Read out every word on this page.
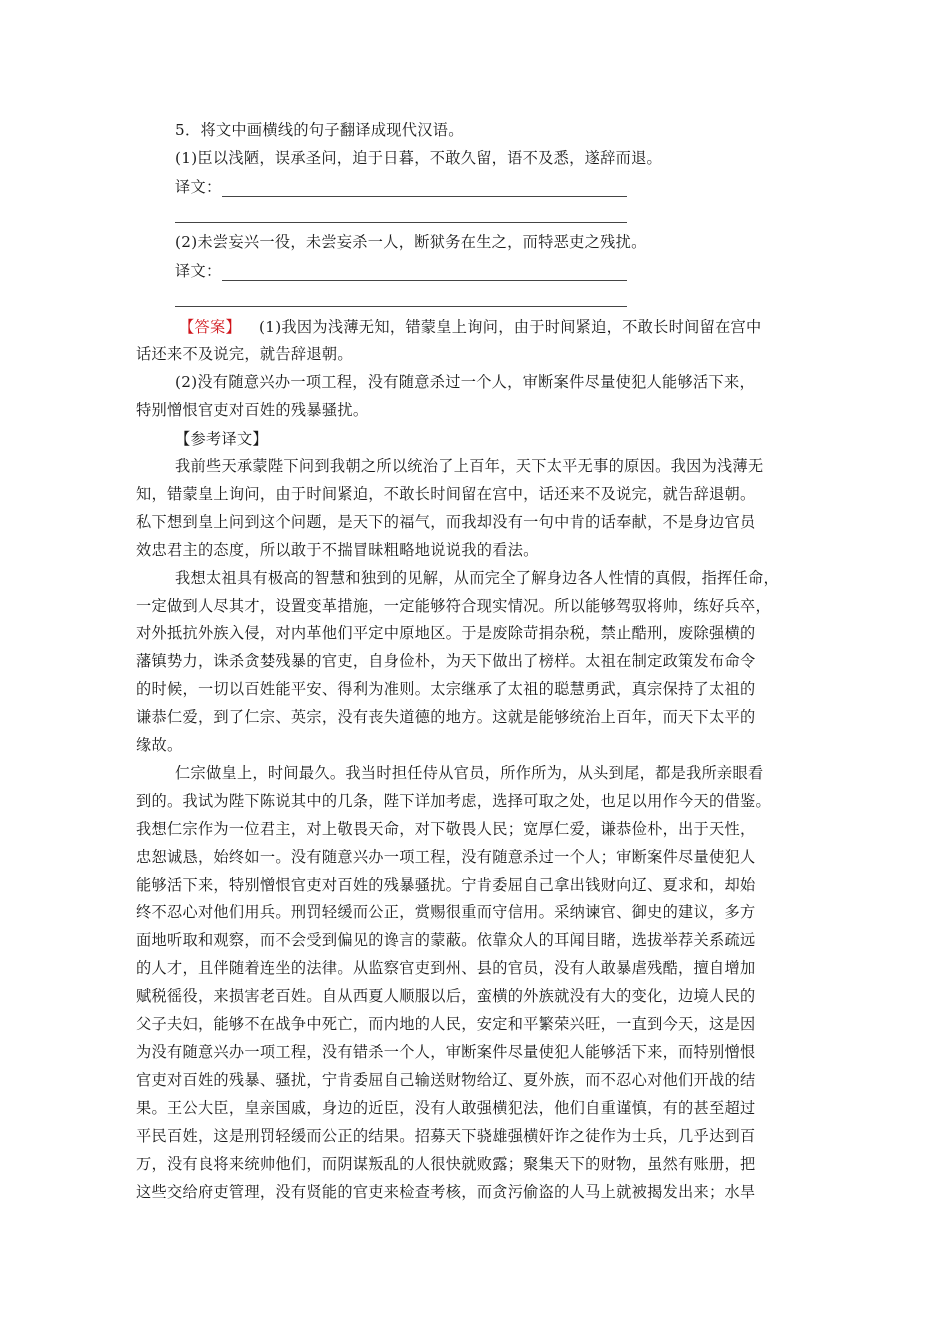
5．将文中画横线的句子翻译成现代汉语。
(1)臣以浅陋，误承圣问，迫于日暮，不敢久留，语不及悉，遂辞而退。
译文：
(2)未尝妄兴一役，未尝妄杀一人，断狱务在生之，而特恶吏之残扰。
译文：
【答案】	(1)我因为浅薄无知，错蒙皇上询问，由于时间紧迫，不敢长时间留在宫中
话还来不及说完，就告辞退朝。
(2)没有随意兴办一项工程，没有随意杀过一个人，审断案件尽量使犯人能够活下来，
特别憎恨官吏对百姓的残暴骚扰。
【参考译文】
我前些天承蒙陛下问到我朝之所以统治了上百年，天下太平无事的原因。我因为浅薄无
知，错蒙皇上询问，由于时间紧迫，不敢长时间留在宫中，话还来不及说完，就告辞退朝。
私下想到皇上问到这个问题，是天下的福气，而我却没有一句中肯的话奉献，不是身边官员
效忠君主的态度，所以敢于不揣冒昧粗略地说说我的看法。
我想太祖具有极高的智慧和独到的见解，从而完全了解身边各人性情的真假，指挥任命，
一定做到人尽其才，设置变革措施，一定能够符合现实情况。所以能够驾驭将帅，练好兵卒，
对外抵抗外族入侵，对内革他们平定中原地区。于是废除苛捐杂税，禁止酷刑，废除强横的
藩镇势力，诛杀贪婪残暴的官吏，自身俭朴，为天下做出了榜样。太祖在制定政策发布命令
的时候，一切以百姓能平安、得利为准则。太宗继承了太祖的聪慧勇武，真宗保持了太祖的
谦恭仁爱，到了仁宗、英宗，没有丧失道德的地方。这就是能够统治上百年，而天下太平的
缘故。
仁宗做皇上，时间最久。我当时担任侍从官员，所作所为，从头到尾，都是我所亲眼看
到的。我试为陛下陈说其中的几条，陛下详加考虑，选择可取之处，也足以用作今天的借鉴。
我想仁宗作为一位君主，对上敬畏天命，对下敬畏人民；宽厚仁爱，谦恭俭朴，出于天性，
忠恕诚恳，始终如一。没有随意兴办一项工程，没有随意杀过一个人；审断案件尽量使犯人
能够活下来，特别憎恨官吏对百姓的残暴骚扰。宁肯委屈自己拿出钱财向辽、夏求和，却始
终不忍心对他们用兵。刑罚轻缓而公正，赏赐很重而守信用。采纳谏官、御史的建议，多方
面地听取和观察，而不会受到偏见的谗言的蒙蔽。依靠众人的耳闻目睹，选拔举荐关系疏远
的人才，且伴随着连坐的法律。从监察官吏到州、县的官员，没有人敢暴虐残酷，擅自增加
赋税徭役，来损害老百姓。自从西夏人顺服以后，蛮横的外族就没有大的变化，边境人民的
父子夫妇，能够不在战争中死亡，而内地的人民，安定和平繁荣兴旺，一直到今天，这是因
为没有随意兴办一项工程，没有错杀一个人，审断案件尽量使犯人能够活下来，而特别憎恨
官吏对百姓的残暴、骚扰，宁肯委屈自己输送财物给辽、夏外族，而不忍心对他们开战的结
果。王公大臣，皇亲国戚，身边的近臣，没有人敢强横犯法，他们自重谨慎，有的甚至超过
平民百姓，这是刑罚轻缓而公正的结果。招募天下骁雄强横奸诈之徒作为士兵，几乎达到百
万，没有良将来统帅他们，而阴谋叛乱的人很快就败露；聚集天下的财物，虽然有账册，把
这些交给府吏管理，没有贤能的官吏来检查考核，而贪污偷盗的人马上就被揭发出来；水旱
